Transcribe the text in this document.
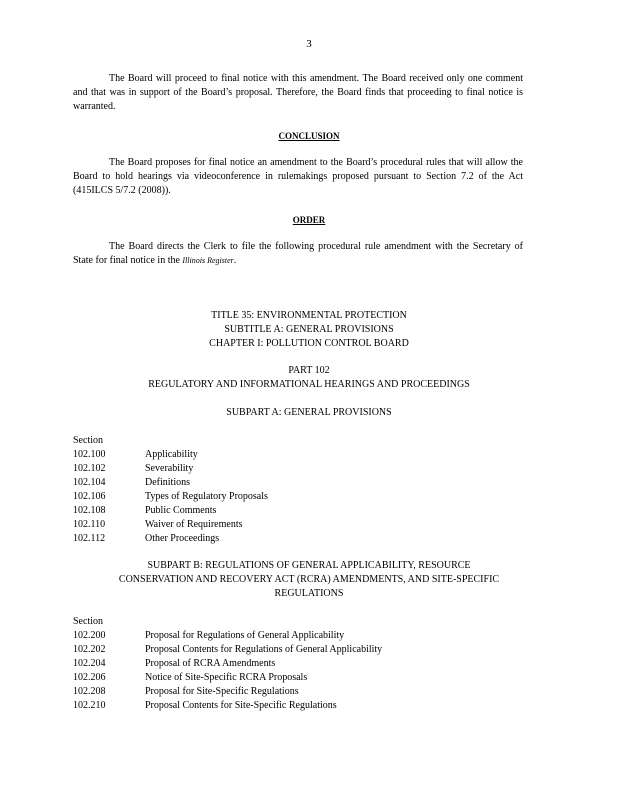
3
The Board will proceed to final notice with this amendment. The Board received only one comment and that was in support of the Board’s proposal. Therefore, the Board finds that proceeding to final notice is warranted.
CONCLUSION
The Board proposes for final notice an amendment to the Board’s procedural rules that will allow the Board to hold hearings via videoconference in rulemakings proposed pursuant to Section 7.2 of the Act (415ILCS 5/7.2 (2008)).
ORDER
The Board directs the Clerk to file the following procedural rule amendment with the Secretary of State for final notice in the Illinois Register.
TITLE 35: ENVIRONMENTAL PROTECTION
SUBTITLE A: GENERAL PROVISIONS
CHAPTER I: POLLUTION CONTROL BOARD
PART 102
REGULATORY AND INFORMATIONAL HEARINGS AND PROCEEDINGS
SUBPART A: GENERAL PROVISIONS
Section
102.100	Applicability
102.102	Severability
102.104	Definitions
102.106	Types of Regulatory Proposals
102.108	Public Comments
102.110	Waiver of Requirements
102.112	Other Proceedings
SUBPART B: REGULATIONS OF GENERAL APPLICABILITY, RESOURCE
CONSERVATION AND RECOVERY ACT (RCRA) AMENDMENTS, AND SITE-SPECIFIC
REGULATIONS
Section
102.200	Proposal for Regulations of General Applicability
102.202	Proposal Contents for Regulations of General Applicability
102.204	Proposal of RCRA Amendments
102.206	Notice of Site-Specific RCRA Proposals
102.208	Proposal for Site-Specific Regulations
102.210	Proposal Contents for Site-Specific Regulations
